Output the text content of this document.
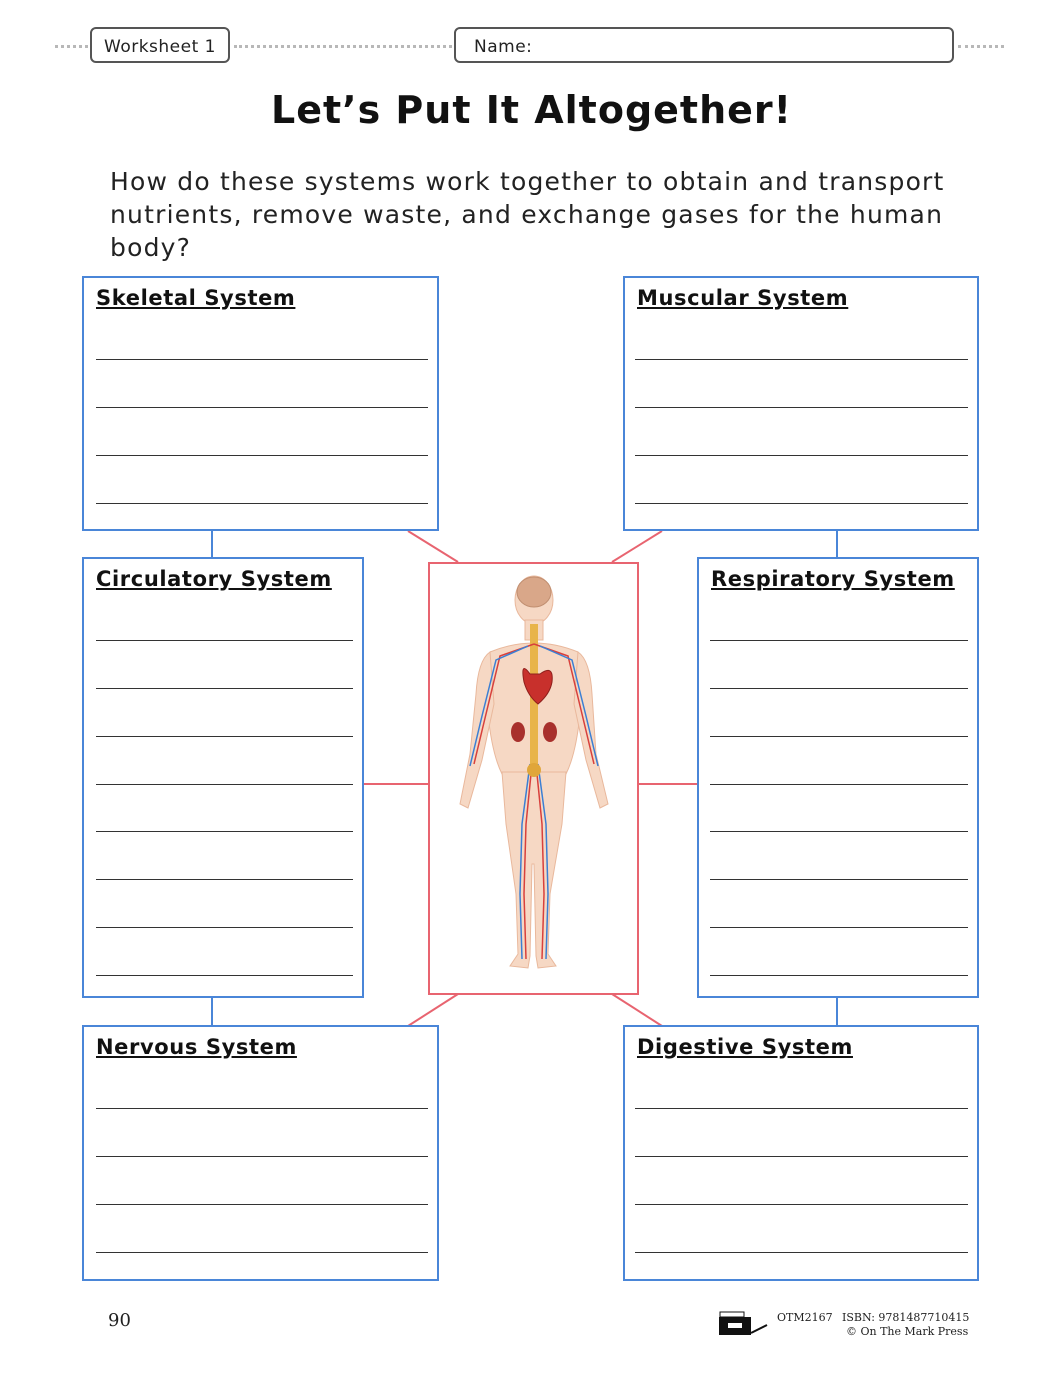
Worksheet 1	Name:
Let’s Put It Altogether!
How do these systems work together to obtain and transport nutrients, remove waste, and exchange gases for the human body?
Skeletal System	Muscular System
Circulatory System	Respiratory System
Nervous System	Digestive System
90	OTM2167 ISBN: 9781487710415
© On The Mark Press
